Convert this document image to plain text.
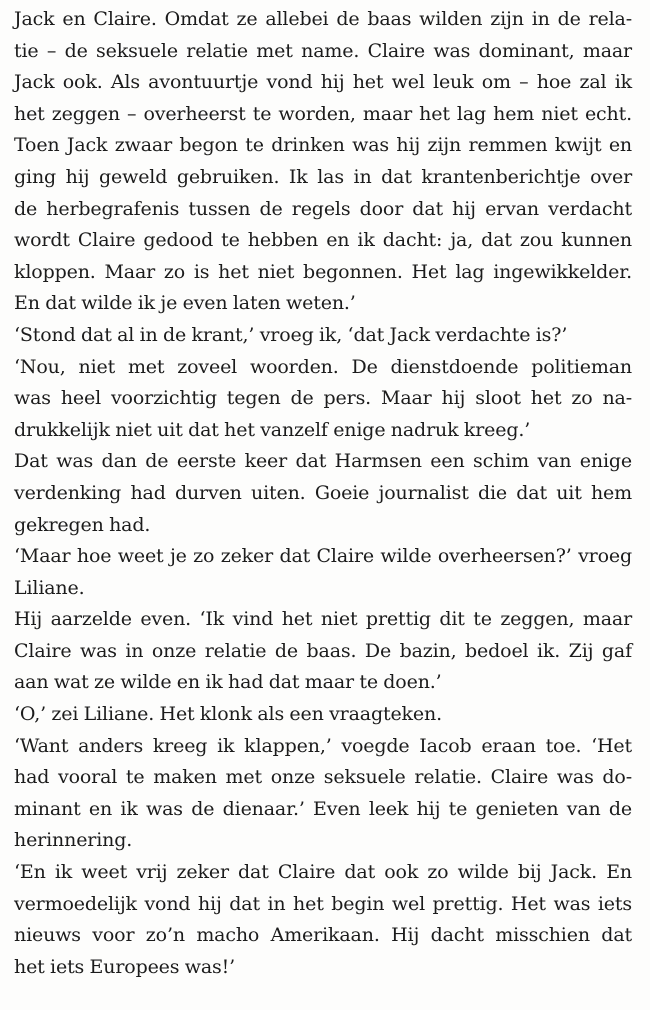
Jack en Claire. Omdat ze allebei de baas wilden zijn in de rela-
tie – de seksuele relatie met name. Claire was dominant, maar
Jack ook. Als avontuurtje vond hij het wel leuk om – hoe zal ik
het zeggen – overheerst te worden, maar het lag hem niet echt.
Toen Jack zwaar begon te drinken was hij zijn remmen kwijt en
ging hij geweld gebruiken. Ik las in dat krantenberichtje over
de herbegrafenis tussen de regels door dat hij ervan verdacht
wordt Claire gedood te hebben en ik dacht: ja, dat zou kunnen
kloppen. Maar zo is het niet begonnen. Het lag ingewikkelder.
En dat wilde ik je even laten weten.’
‘Stond dat al in de krant,’ vroeg ik, ‘dat Jack verdachte is?’
‘Nou, niet met zoveel woorden. De dienstdoende politieman
was heel voorzichtig tegen de pers. Maar hij sloot het zo na-
drukkelijk niet uit dat het vanzelf enige nadruk kreeg.’
Dat was dan de eerste keer dat Harmsen een schim van enige
verdenking had durven uiten. Goeie journalist die dat uit hem
gekregen had.
‘Maar hoe weet je zo zeker dat Claire wilde overheersen?’ vroeg
Liliane.
Hij aarzelde even. ‘Ik vind het niet prettig dit te zeggen, maar
Claire was in onze relatie de baas. De bazin, bedoel ik. Zij gaf
aan wat ze wilde en ik had dat maar te doen.’
‘O,’ zei Liliane. Het klonk als een vraagteken.
‘Want anders kreeg ik klappen,’ voegde Iacob eraan toe. ‘Het
had vooral te maken met onze seksuele relatie. Claire was do-
minant en ik was de dienaar.’ Even leek hij te genieten van de
herinnering.
‘En ik weet vrij zeker dat Claire dat ook zo wilde bij Jack. En
vermoedelijk vond hij dat in het begin wel prettig. Het was iets
nieuws voor zo’n macho Amerikaan. Hij dacht misschien dat
het iets Europees was!’
